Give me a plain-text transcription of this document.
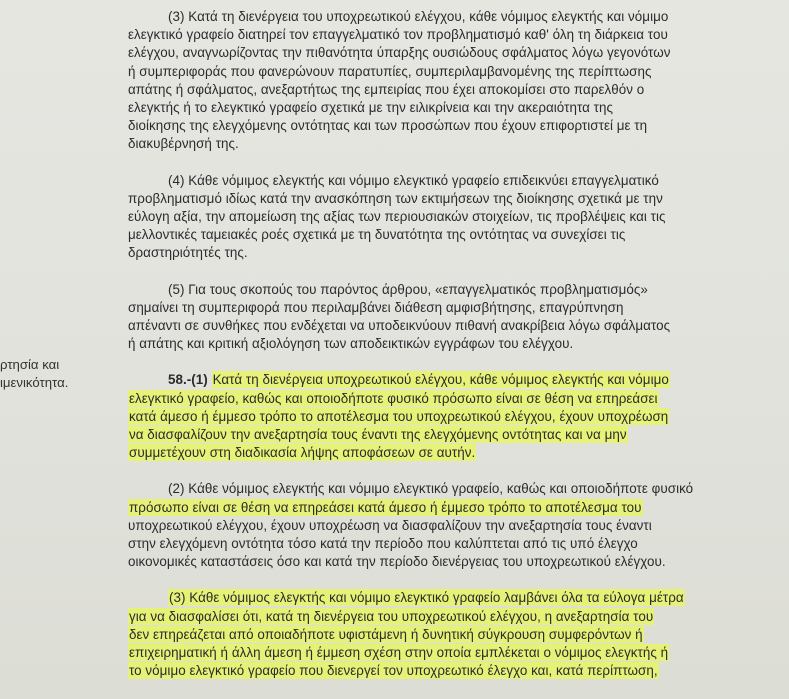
ρτησία και
ιμενικότητα.

(3) Κατά τη διενέργεια του υποχρεωτικού ελέγχου, κάθε νόμιμος ελεγκτής και νόμιμο
ελεγκτικό γραφείο διατηρεί τον επαγγελματικό τον προβληματισμό καθ' όλη τη διάρκεια του
ελέγχου, αναγνωρίζοντας την πιθανότητα ύπαρξης ουσιώδους σφάλματος λόγω γεγονότων
ή συμπεριφοράς που φανερώνουν παρατυπίες, συμπεριλαμβανομένης της περίπτωσης
απάτης ή σφάλματος, ανεξαρτήτως της εμπειρίας που έχει αποκομίσει στο παρελθόν ο
ελεγκτής ή το ελεγκτικό γραφείο σχετικά με την ειλικρίνεια και την ακεραιότητα της
διοίκησης της ελεγχόμενης οντότητας και των προσώπων που έχουν επιφορτιστεί με τη
διακυβέρνησή της.

(4) Κάθε νόμιμος ελεγκτής και νόμιμο ελεγκτικό γραφείο επιδεικνύει επαγγελματικό
προβληματισμό ιδίως κατά την ανασκόπηση των εκτιμήσεων της διοίκησης σχετικά με την
εύλογη αξία, την απομείωση της αξίας των περιουσιακών στοιχείων, τις προβλέψεις και τις
μελλοντικές ταμειακές ροές σχετικά με τη δυνατότητα της οντότητας να συνεχίσει τις
δραστηριότητές της.

(5) Για τους σκοπούς του παρόντος άρθρου, «επαγγελματικός προβληματισμός»
σημαίνει τη συμπεριφορά που περιλαμβάνει διάθεση αμφισβήτησης, επαγρύπνηση
απέναντι σε συνθήκες που ενδέχεται να υποδεικνύουν πιθανή ανακρίβεια λόγω σφάλματος
ή απάτης και κριτική αξιολόγηση των αποδεικτικών εγγράφων του ελέγχου.

58.-(1) Κατά τη διενέργεια υποχρεωτικού ελέγχου, κάθε νόμιμος ελεγκτής και νόμιμο
ελεγκτικό γραφείο, καθώς και οποιοδήποτε φυσικό πρόσωπο είναι σε θέση να επηρεάσει
κατά άμεσο ή έμμεσο τρόπο το αποτέλεσμα του υποχρεωτικού ελέγχου, έχουν υποχρέωση
να διασφαλίζουν την ανεξαρτησία τους έναντι της ελεγχόμενης οντότητας και να μην
συμμετέχουν στη διαδικασία λήψης αποφάσεων σε αυτήν.

(2) Κάθε νόμιμος ελεγκτής και νόμιμο ελεγκτικό γραφείο, καθώς και οποιοδήποτε φυσικό
πρόσωπο είναι σε θέση να επηρεάσει κατά άμεσο ή έμμεσο τρόπο το αποτέλεσμα του
υποχρεωτικού ελέγχου, έχουν υποχρέωση να διασφαλίζουν την ανεξαρτησία τους έναντι
στην ελεγχόμενη οντότητα τόσο κατά την περίοδο που καλύπτεται από τις υπό έλεγχο
οικονομικές καταστάσεις όσο και κατά την περίοδο διενέργειας του υποχρεωτικού ελέγχου.

(3) Κάθε νόμιμος ελεγκτής και νόμιμο ελεγκτικό γραφείο λαμβάνει όλα τα εύλογα μέτρα
για να διασφαλίσει ότι, κατά τη διενέργεια του υποχρεωτικού ελέγχου, η ανεξαρτησία του
δεν επηρεάζεται από οποιαδήποτε υφιστάμενη ή δυνητική σύγκρουση συμφερόντων ή
επιχειρηματική ή άλλη άμεση ή έμμεση σχέση στην οποία εμπλέκεται ο νόμιμος ελεγκτής ή
το νόμιμο ελεγκτικό γραφείο που διενεργεί τον υποχρεωτικό έλεγχο και, κατά περίπτωση,
